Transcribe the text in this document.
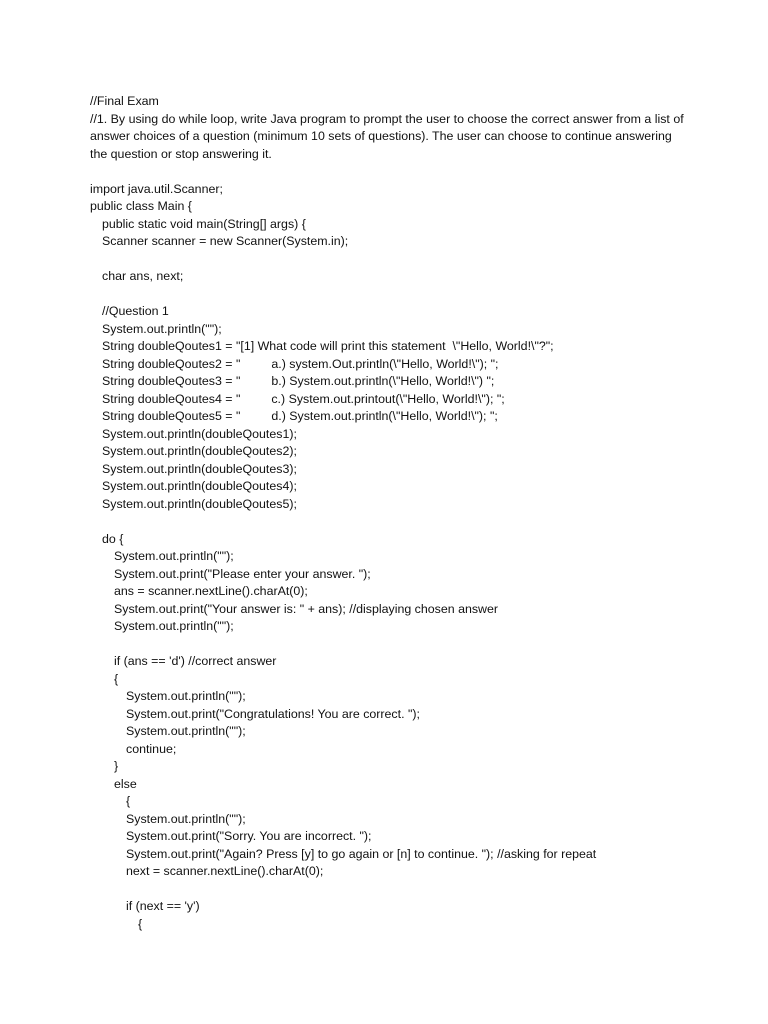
//Final Exam
//1. By using do while loop, write Java program to prompt the user to choose the correct answer from a list of answer choices of a question (minimum 10 sets of questions). The user can choose to continue answering the question or stop answering it.
import java.util.Scanner;
public class Main {
public static void main(String[] args) {
Scanner scanner = new Scanner(System.in);
char ans, next;
//Question 1
System.out.println("");
String doubleQoutes1 = "[1] What code will print this statement  \"Hello, World!\"?";
String doubleQoutes2 = "         a.) system.Out.println(\"Hello, World!\"); ";
String doubleQoutes3 = "         b.) System.out.println(\"Hello, World!\") ";
String doubleQoutes4 = "         c.) System.out.printout(\"Hello, World!\"); ";
String doubleQoutes5 = "         d.) System.out.println(\"Hello, World!\"); ";
System.out.println(doubleQoutes1);
System.out.println(doubleQoutes2);
System.out.println(doubleQoutes3);
System.out.println(doubleQoutes4);
System.out.println(doubleQoutes5);
do {
System.out.println("");
System.out.print("Please enter your answer. ");
ans = scanner.nextLine().charAt(0);
System.out.print("Your answer is: " + ans); //displaying chosen answer
System.out.println("");
if (ans == 'd') //correct answer
{
System.out.println("");
System.out.print("Congratulations! You are correct. ");
System.out.println("");
continue;
}
else
{
System.out.println("");
System.out.print("Sorry. You are incorrect. ");
System.out.print("Again? Press [y] to go again or [n] to continue. "); //asking for repeat
next = scanner.nextLine().charAt(0);
if (next == 'y')
{
